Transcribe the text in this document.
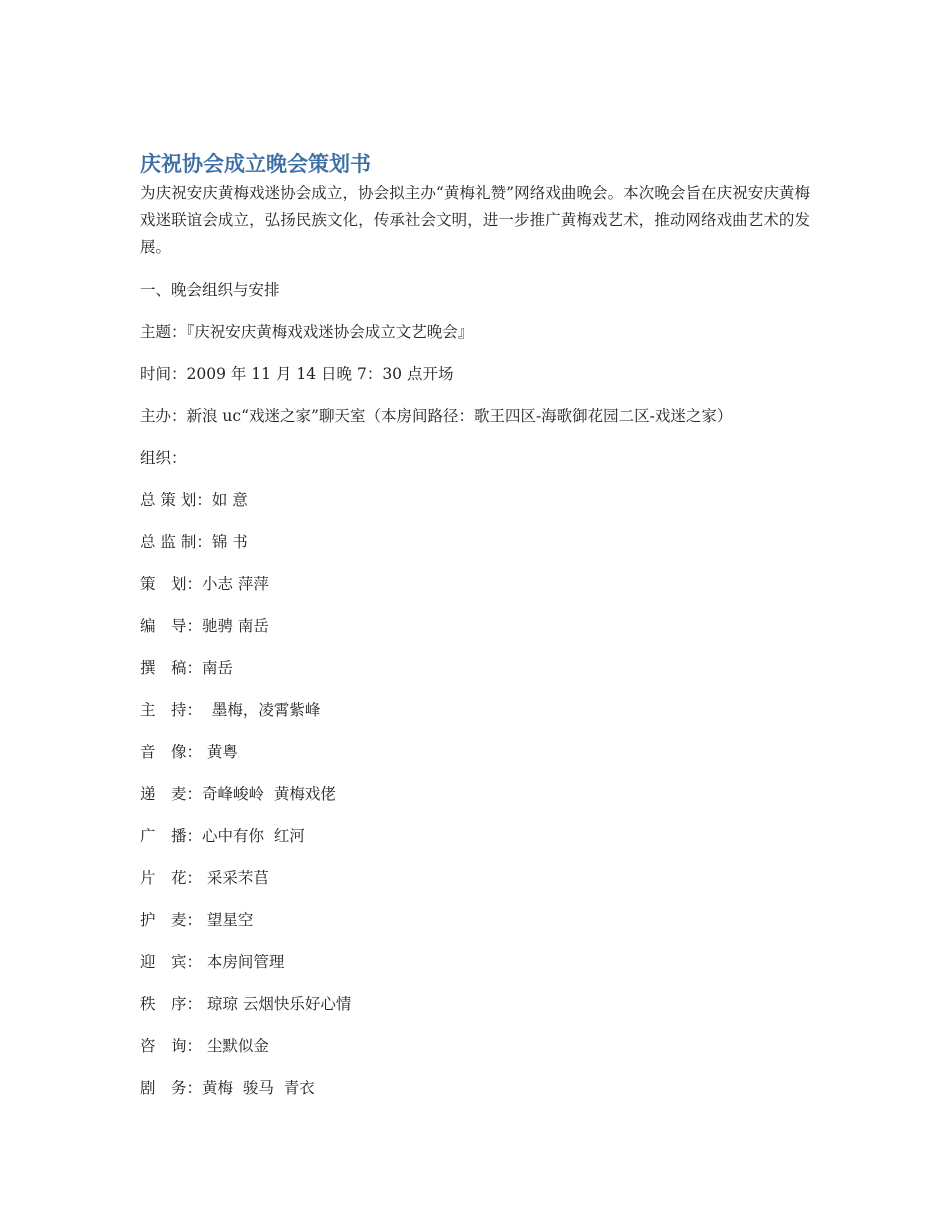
庆祝协会成立晚会策划书

为庆祝安庆黄梅戏迷协会成立，协会拟主办“黄梅礼赞”网络戏曲晚会。本次晚会旨在庆祝安庆黄梅戏迷联谊会成立，弘扬民族文化，传承社会文明，进一步推广黄梅戏艺术，推动网络戏曲艺术的发展。

一、晚会组织与安排

主题：『庆祝安庆黄梅戏戏迷协会成立文艺晚会』

时间：2009 年 11 月 14 日晚 7：30 点开场

主办：新浪 uc“戏迷之家”聊天室（本房间路径：歌王四区-海歌御花园二区-戏迷之家）

组织：

总 策 划：如 意

总 监 制：锦 书

策　划：小志 萍萍

编　导：驰骋 南岳

撰　稿：南岳

主　持：  墨梅，凌霄紫峰

音　像： 黄粤

递　麦：奇峰峻岭  黄梅戏佬

广　播：心中有你  红河

片　花： 采采芣苢

护　麦： 望星空

迎　宾： 本房间管理

秩　序： 琼琼 云烟快乐好心情

咨　询： 尘默似金

剧　务：黄梅  骏马  青衣
